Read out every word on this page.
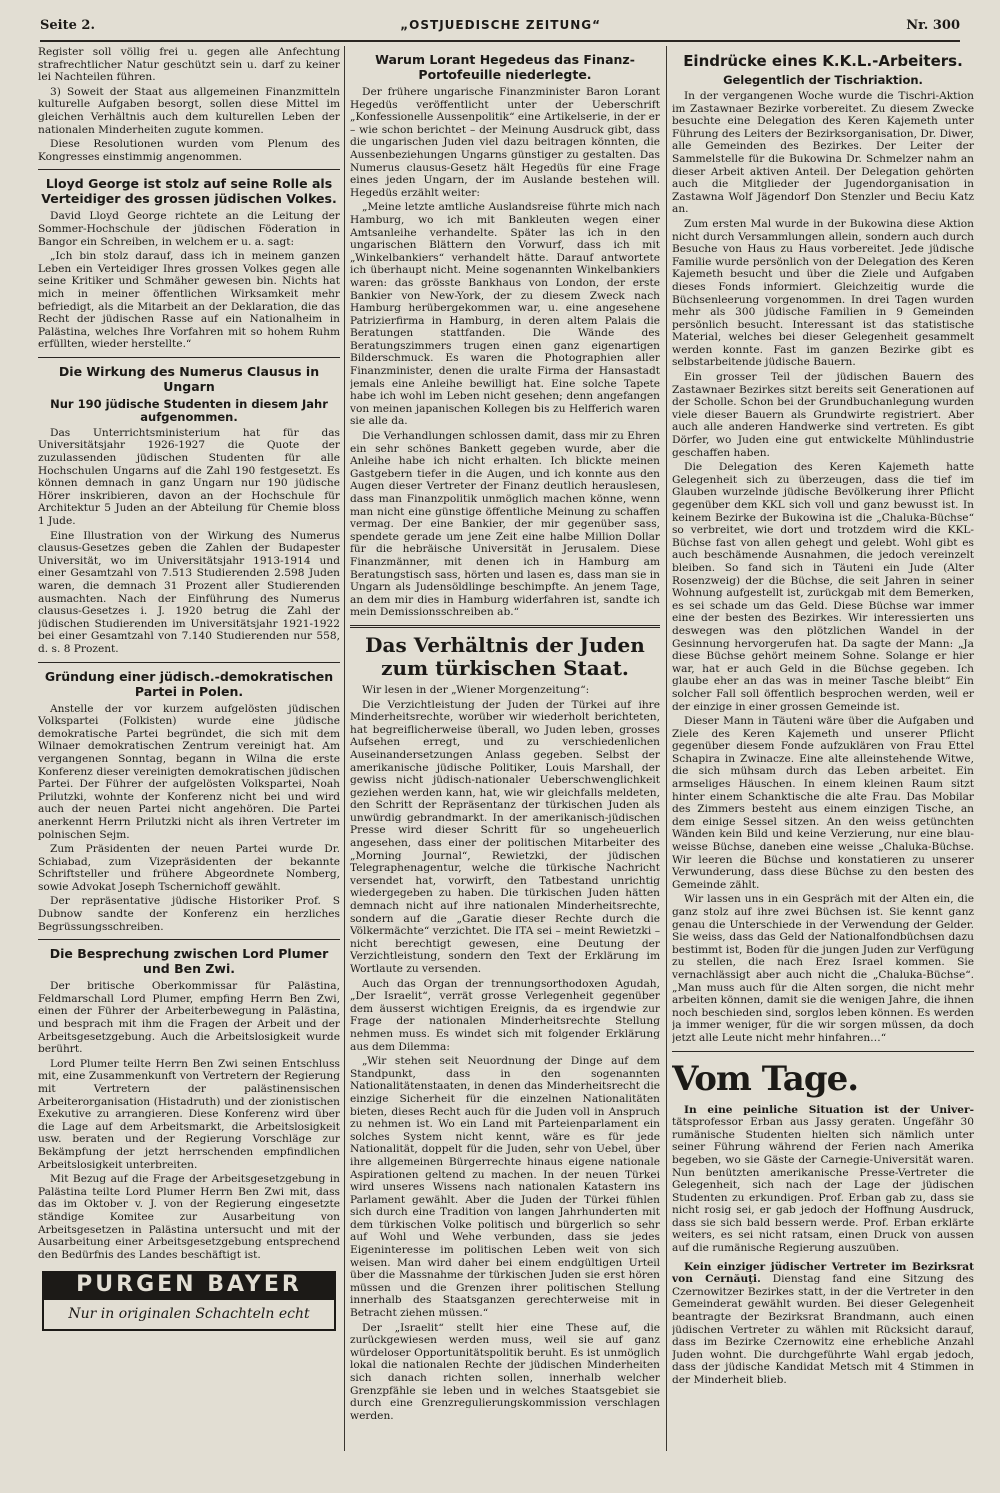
Seite 2.	„OSTJUEDISCHE ZEITUNG“	Nr. 300

Register soll völlig frei u. gegen alle Anfechtung strafrechtlicher Natur geschützt sein u. darf zu keiner lei Nachteilen führen.

3) Soweit der Staat aus allgemeinen Finanzmitteln kulturelle Aufgaben besorgt, sollen diese Mittel im gleichen Verhältnis auch dem kulturellen Leben der nationalen Minderheiten zugute kommen.

Diese Resolutionen wurden vom Plenum des Kongresses einstimmig angenommen.

Lloyd George ist stolz auf seine Rolle als Verteidiger des grossen jüdischen Volkes.

David Lloyd George richtete an die Leitung der Sommer-Hochschule der jüdischen Föderation in Bangor ein Schreiben, in welchem er u. a. sagt:

„Ich bin stolz darauf, dass ich in meinem ganzen Leben ein Verteidiger Ihres grossen Volkes gegen alle seine Kritiker und Schmäher gewesen bin. Nichts hat mich in meiner öffentlichen Wirksamkeit mehr befriedigt, als die Mitarbeit an der Deklaration, die das Recht der jüdischen Rasse auf ein Nationalheim in Palästina, welches Ihre Vorfahren mit so hohem Ruhm erfüllten, wieder herstellte.“

Die Wirkung des Numerus Clausus in Ungarn
Nur 190 jüdische Studenten in diesem Jahr aufgenommen.

Das Unterrichtsministerium hat für das Universitätsjahr 1926-1927 die Quote der zuzulassenden jüdischen Studenten für alle Hochschulen Ungarns auf die Zahl 190 festgesetzt. Es können demnach in ganz Ungarn nur 190 jüdische Hörer inskribieren, davon an der Hochschule für Architektur 5 Juden an der Abteilung für Chemie bloss 1 Jude.

Eine Illustration von der Wirkung des Numerus clausus-Gesetzes geben die Zahlen der Budapester Universität, wo im Universitätsjahr 1913-1914 und einer Gesamtzahl von 7.513 Studierenden 2.598 Juden waren, die demnach 31 Prozent aller Studierenden ausmachten. Nach der Einführung des Numerus clausus-Gesetzes i. J. 1920 betrug die Zahl der jüdischen Studierenden im Universitätsjahr 1921-1922 bei einer Gesamtzahl von 7.140 Studierenden nur 558, d. s. 8 Prozent.

Gründung einer jüdisch.-demokratischen Partei in Polen.

Anstelle der vor kurzem aufgelösten jüdischen Volkspartei (Folkisten) wurde eine jüdische demokratische Partei begründet, die sich mit dem Wilnaer demokratischen Zentrum vereinigt hat. Am vergangenen Sonntag, begann in Wilna die erste Konferenz dieser vereinigten demokratischen jüdischen Partei. Der Führer der aufgelösten Volkspartei, Noah Prilutzki, wohnte der Konferenz nicht bei und wird auch der neuen Partei nicht angehören. Die Partei anerkennt Herrn Prilutzki nicht als ihren Vertreter im polnischen Sejm.

Zum Präsidenten der neuen Partei wurde Dr. Schiabad, zum Vizepräsidenten der bekannte Schriftsteller und frühere Abgeordnete Nomberg, sowie Advokat Joseph Tschernichoff gewählt.

Der repräsentative jüdische Historiker Prof. S Dubnow sandte der Konferenz ein herzliches Begrüssungsschreiben.

Die Besprechung zwischen Lord Plumer und Ben Zwi.

Der britische Oberkommissar für Palästina, Feldmarschall Lord Plumer, empfing Herrn Ben Zwi, einen der Führer der Arbeiterbewegung in Palästina, und besprach mit ihm die Fragen der Arbeit und der Arbeitsgesetzgebung. Auch die Arbeitslosigkeit wurde berührt.

Lord Plumer teilte Herrn Ben Zwi seinen Entschluss mit, eine Zusammenkunft von Vertretern der Regierung mit Vertretern der palästinensischen Arbeiterorganisation (Histadruth) und der zionistischen Exekutive zu arrangieren. Diese Konferenz wird über die Lage auf dem Arbeitsmarkt, die Arbeitslosigkeit usw. beraten und der Regierung Vorschläge zur Bekämpfung der jetzt herrschenden empfindlichen Arbeitslosigkeit unterbreiten.

Mit Bezug auf die Frage der Arbeitsgesetzgebung in Palästina teilte Lord Plumer Herrn Ben Zwi mit, dass das im Oktober v. J. von der Regierung eingesetzte ständige Komitee zur Ausarbeitung von Arbeitsgesetzen in Palästina untersucht und mit der Ausarbeitung einer Arbeitsgesetzgebung entsprechend den Bedürfnis des Landes beschäftigt ist.

PURGEN BAYER
Nur in originalen Schachteln echt
Warum Lorant Hegedeus das Finanz-Portofeuille niederlegte.

Der frühere ungarische Finanzminister Baron Lorant Hegedüs veröffentlicht unter der Ueberschrift „Konfessionelle Aussenpolitik“ eine Artikelserie, in der er – wie schon berichtet – der Meinung Ausdruck gibt, dass die ungarischen Juden viel dazu beitragen könnten, die Aussenbeziehungen Ungarns günstiger zu gestalten. Das Numerus clausus-Gesetz hält Hegedüs für eine Frage eines jeden Ungarn, der im Auslande bestehen will. Hegedüs erzählt weiter:

„Meine letzte amtliche Auslandsreise führte mich nach Hamburg, wo ich mit Bankleuten wegen einer Amtsanleihe verhandelte. Später las ich in den ungarischen Blättern den Vorwurf, dass ich mit „Winkelbankiers“ verhandelt hätte. Darauf antwortete ich überhaupt nicht. Meine sogenannten Winkelbankiers waren: das grösste Bankhaus von London, der erste Bankier von New-York, der zu diesem Zweck nach Hamburg herübergekommen war, u. eine angesehene Patrizierfirma in Hamburg, in deren altem Palais die Beratungen stattfanden. Die Wände des Beratungszimmers trugen einen ganz eigenartigen Bilderschmuck. Es waren die Photographien aller Finanzminister, denen die uralte Firma der Hansastadt jemals eine Anleihe bewilligt hat. Eine solche Tapete habe ich wohl im Leben nicht gesehen; denn angefangen von meinen japanischen Kollegen bis zu Helfferich waren sie alle da.

Die Verhandlungen schlossen damit, dass mir zu Ehren ein sehr schönes Bankett gegeben wurde, aber die Anleihe habe ich nicht erhalten. Ich blickte meinen Gastgebern tiefer in die Augen, und ich konnte aus den Augen dieser Vertreter der Finanz deutlich herauslesen, dass man Finanzpolitik unmöglich machen könne, wenn man nicht eine günstige öffentliche Meinung zu schaffen vermag. Der eine Bankier, der mir gegenüber sass, spendete gerade um jene Zeit eine halbe Million Dollar für die hebräische Universität in Jerusalem. Diese Finanzmänner, mit denen ich in Hamburg am Beratungstisch sass, hörten und lasen es, dass man sie in Ungarn als Judensöldlinge beschimpfte. An jenem Tage, an dem mir dies in Hamburg widerfahren ist, sandte ich mein Demissionsschreiben ab.“

Das Verhältnis der Juden zum türkischen Staat.

Wir lesen in der „Wiener Morgenzeitung“:

Die Verzichtleistung der Juden der Türkei auf ihre Minderheitsrechte, worüber wir wiederholt berichteten, hat begreiflicherweise überall, wo Juden leben, grosses Aufsehen erregt, und zu verschiedenlichen Auseinandersetzungen Anlass gegeben. Selbst der amerikanische jüdische Politiker, Louis Marshall, der gewiss nicht jüdisch-nationaler Ueberschwenglichkeit geziehen werden kann, hat, wie wir gleichfalls meldeten, den Schritt der Repräsentanz der türkischen Juden als unwürdig gebrandmarkt. In der amerikanisch-jüdischen Presse wird dieser Schritt für so ungeheuerlich angesehen, dass einer der politischen Mitarbeiter des „Morning Journal“, Rewietzki, der jüdischen Telegraphenagentur, welche die türkische Nachricht versendet hat, vorwirft, den Tatbestand unrichtig wiedergegeben zu haben. Die türkischen Juden hätten demnach nicht auf ihre nationalen Minderheitsrechte, sondern auf die „Garatie dieser Rechte durch die Völkermächte“ verzichtet. Die ITA sei – meint Rewietzki – nicht berechtigt gewesen, eine Deutung der Verzichtleistung, sondern den Text der Erklärung im Wortlaute zu versenden.

Auch das Organ der trennungsorthodoxen Agudah, „Der Israelit“, verrät grosse Verlegenheit gegenüber dem äusserst wichtigen Ereignis, da es irgendwie zur Frage der nationalen Minderheitsrechte Stellung nehmen muss. Es windet sich mit folgender Erklärung aus dem Dilemma:

„Wir stehen seit Neuordnung der Dinge auf dem Standpunkt, dass in den sogenannten Nationalitätenstaaten, in denen das Minderheitsrecht die einzige Sicherheit für die einzelnen Nationalitäten bieten, dieses Recht auch für die Juden voll in Anspruch zu nehmen ist. Wo ein Land mit Parteienparlament ein solches System nicht kennt, wäre es für jede Nationalität, doppelt für die Juden, sehr von Uebel, über ihre allgemeinen Bürgerrechte hinaus eigene nationale Aspirationen geltend zu machen. In der neuen Türkei wird unseres Wissens nach nationalen Katastern ins Parlament gewählt. Aber die Juden der Türkei fühlen sich durch eine Tradition von langen Jahrhunderten mit dem türkischen Volke politisch und bürgerlich so sehr auf Wohl und Wehe verbunden, dass sie jedes Eigeninteresse im politischen Leben weit von sich weisen. Man wird daher bei einem endgültigen Urteil über die Massnahme der türkischen Juden sie erst hören müssen und die Grenzen ihrer politischen Stellung innerhalb des Staatsganzen gerechterweise mit in Betracht ziehen müssen.“

Der „Israelit“ stellt hier eine These auf, die zurückgewiesen werden muss, weil sie auf ganz würdeloser Opportunitätspolitik beruht. Es ist unmöglich lokal die nationalen Rechte der jüdischen Minderheiten sich danach richten sollen, innerhalb welcher Grenzpfähle sie leben und in welches Staatsgebiet sie durch eine Grenzregulierungskommission verschlagen werden.

Eindrücke eines K.K.L.-Arbeiters.
Gelegentlich der Tischriaktion.

In der vergangenen Woche wurde die Tischri-Aktion im Zastawnaer Bezirke vorbereitet. Zu diesem Zwecke besuchte eine Delegation des Keren Kajemeth unter Führung des Leiters der Bezirksorganisation, Dr. Diwer, alle Gemeinden des Bezirkes. Der Leiter der Sammelstelle für die Bukowina Dr. Schmelzer nahm an dieser Arbeit aktiven Anteil. Der Delegation gehörten auch die Mitglieder der Jugendorganisation in Zastawna Wolf Jägendorf Don Stenzler und Beciu Katz an.

Zum ersten Mal wurde in der Bukowina diese Aktion nicht durch Versammlungen allein, sondern auch durch Besuche von Haus zu Haus vorbereitet. Jede jüdische Familie wurde persönlich von der Delegation des Keren Kajemeth besucht und über die Ziele und Aufgaben dieses Fonds informiert. Gleichzeitig wurde die Büchsenleerung vorgenommen. In drei Tagen wurden mehr als 300 jüdische Familien in 9 Gemeinden persönlich besucht. Interessant ist das statistische Material, welches bei dieser Gelegenheit gesammelt werden konnte. Fast im ganzen Bezirke gibt es selbstarbeitende jüdische Bauern.

Ein grosser Teil der jüdischen Bauern des Zastawnaer Bezirkes sitzt bereits seit Generationen auf der Scholle. Schon bei der Grundbuchanlegung wurden viele dieser Bauern als Grundwirte registriert. Aber auch alle anderen Handwerke sind vertreten. Es gibt Dörfer, wo Juden eine gut entwickelte Mühlindustrie geschaffen haben.

Die Delegation des Keren Kajemeth hatte Gelegenheit sich zu überzeugen, dass die tief im Glauben wurzelnde jüdische Bevölkerung ihrer Pflicht gegenüber dem KKL sich voll und ganz bewusst ist. In keinem Bezirke der Bukowina ist die „Chaluka-Büchse“ so verbreitet, wie dort und trotzdem wird die KKL-Büchse fast von allen gehegt und gelebt. Wohl gibt es auch beschämende Ausnahmen, die jedoch vereinzelt bleiben. So fand sich in Täuteni ein Jude (Alter Rosenzweig) der die Büchse, die seit Jahren in seiner Wohnung aufgestellt ist, zurückgab mit dem Bemerken, es sei schade um das Geld. Diese Büchse war immer eine der besten des Bezirkes. Wir interessierten uns deswegen was den plötzlichen Wandel in der Gesinnung hervorgerufen hat. Da sagte der Mann: „Ja diese Büchse gehört meinem Sohne. Solange er hier war, hat er auch Geld in die Büchse gegeben. Ich glaube eher an das was in meiner Tasche bleibt“ Ein solcher Fall soll öffentlich besprochen werden, weil er der einzige in einer grossen Gemeinde ist.

Dieser Mann in Täuteni wäre über die Aufgaben und Ziele des Keren Kajemeth und unserer Pflicht gegenüber diesem Fonde aufzuklären von Frau Ettel Schapira in Zwinacze. Eine alte alleinstehende Witwe, die sich mühsam durch das Leben arbeitet. Ein armseliges Häuschen. In einem kleinen Raum sitzt hinter einem Schanktische die alte Frau. Das Mobilar des Zimmers besteht aus einem einzigen Tische, an dem einige Sessel sitzen. An den weiss getünchten Wänden kein Bild und keine Verzierung, nur eine blau-weisse Büchse, daneben eine weisse „Chaluka-Büchse. Wir leeren die Büchse und konstatieren zu unserer Verwunderung, dass diese Büchse zu den besten des Gemeinde zählt.

Wir lassen uns in ein Gespräch mit der Alten ein, die ganz stolz auf ihre zwei Büchsen ist. Sie kennt ganz genau die Unterschiede in der Verwendung der Gelder. Sie weiss, dass das Geld der Nationalfondbüchsen dazu bestimmt ist, Boden für die jungen Juden zur Verfügung zu stellen, die nach Erez Israel kommen. Sie vernachlässigt aber auch nicht die „Chaluka-Büchse“. „Man muss auch für die Alten sorgen, die nicht mehr arbeiten können, damit sie die wenigen Jahre, die ihnen noch beschieden sind, sorglos leben können. Es werden ja immer weniger, für die wir sorgen müssen, da doch jetzt alle Leute nicht mehr hinfahren…“

Vom Tage.

In eine peinliche Situation ist der Univer- tätsprofessor Erban aus Jassy geraten. Ungefähr 30 rumänische Studenten hielten sich nämlich unter seiner Führung während der Ferien nach Amerika begeben, wo sie Gäste der Carnegie-Universität waren. Nun benützten amerikanische Presse-Vertreter die Gelegenheit, sich nach der Lage der jüdischen Studenten zu erkundigen. Prof. Erban gab zu, dass sie nicht rosig sei, er gab jedoch der Hoffnung Ausdruck, dass sie sich bald bessern werde. Prof. Erban erklärte weiters, es sei nicht ratsam, einen Druck von aussen auf die rumänische Regierung auszuüben.

Kein einziger jüdischer Vertreter im Bezirksrat von Cernăuţi. Dienstag fand eine Sitzung des Czernowitzer Bezirkes statt, in der die Vertreter in den Gemeinderat gewählt wurden. Bei dieser Gelegenheit beantragte der Bezirksrat Brandmann, auch einen jüdischen Vertreter zu wählen mit Rücksicht darauf, dass im Bezirke Czernowitz eine erhebliche Anzahl Juden wohnt. Die durchgeführte Wahl ergab jedoch, dass der jüdische Kandidat Metsch mit 4 Stimmen in der Minderheit blieb.
